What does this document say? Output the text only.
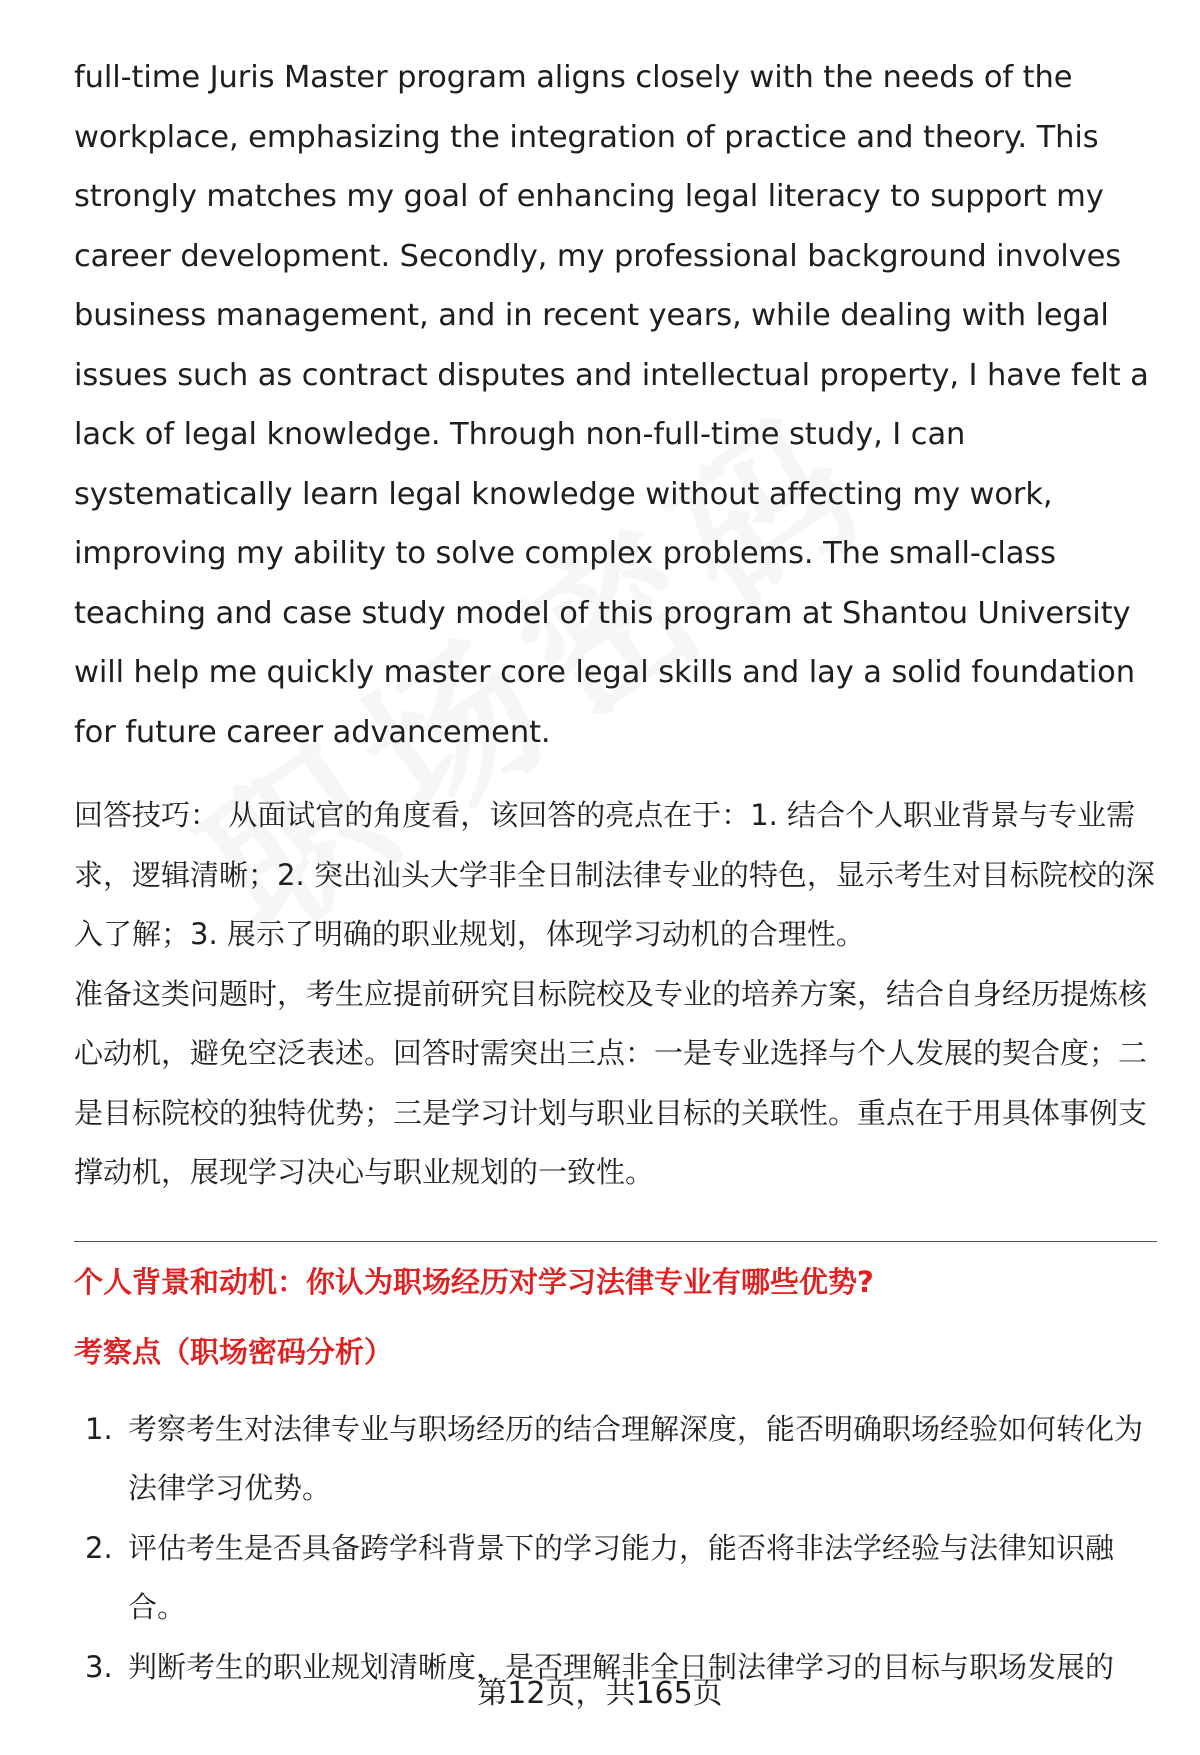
full-time Juris Master program aligns closely with the needs of the workplace, emphasizing the integration of practice and theory. This strongly matches my goal of enhancing legal literacy to support my career development. Secondly, my professional background involves business management, and in recent years, while dealing with legal issues such as contract disputes and intellectual property, I have felt a lack of legal knowledge. Through non-full-time study, I can systematically learn legal knowledge without affecting my work, improving my ability to solve complex problems. The small-class teaching and case study model of this program at Shantou University will help me quickly master core legal skills and lay a solid foundation for future career advancement.

回答技巧： 从面试官的角度看，该回答的亮点在于：1. 结合个人职业背景与专业需求，逻辑清晰；2. 突出汕头大学非全日制法律专业的特色，显示考生对目标院校的深入了解；3. 展示了明确的职业规划，体现学习动机的合理性。

准备这类问题时，考生应提前研究目标院校及专业的培养方案，结合自身经历提炼核心动机，避免空泛表述。回答时需突出三点：一是专业选择与个人发展的契合度；二是目标院校的独特优势；三是学习计划与职业目标的关联性。重点在于用具体事例支撑动机，展现学习决心与职业规划的一致性。

个人背景和动机：你认为职场经历对学习法律专业有哪些优势?

考察点（职场密码分析）

1. 考察考生对法律专业与职场经历的结合理解深度，能否明确职场经验如何转化为法律学习优势。
2. 评估考生是否具备跨学科背景下的学习能力，能否将非法学经验与法律知识融合。
3. 判断考生的职业规划清晰度，是否理解非全日制法律学习的目标与职场发展的
第12页，共165页
